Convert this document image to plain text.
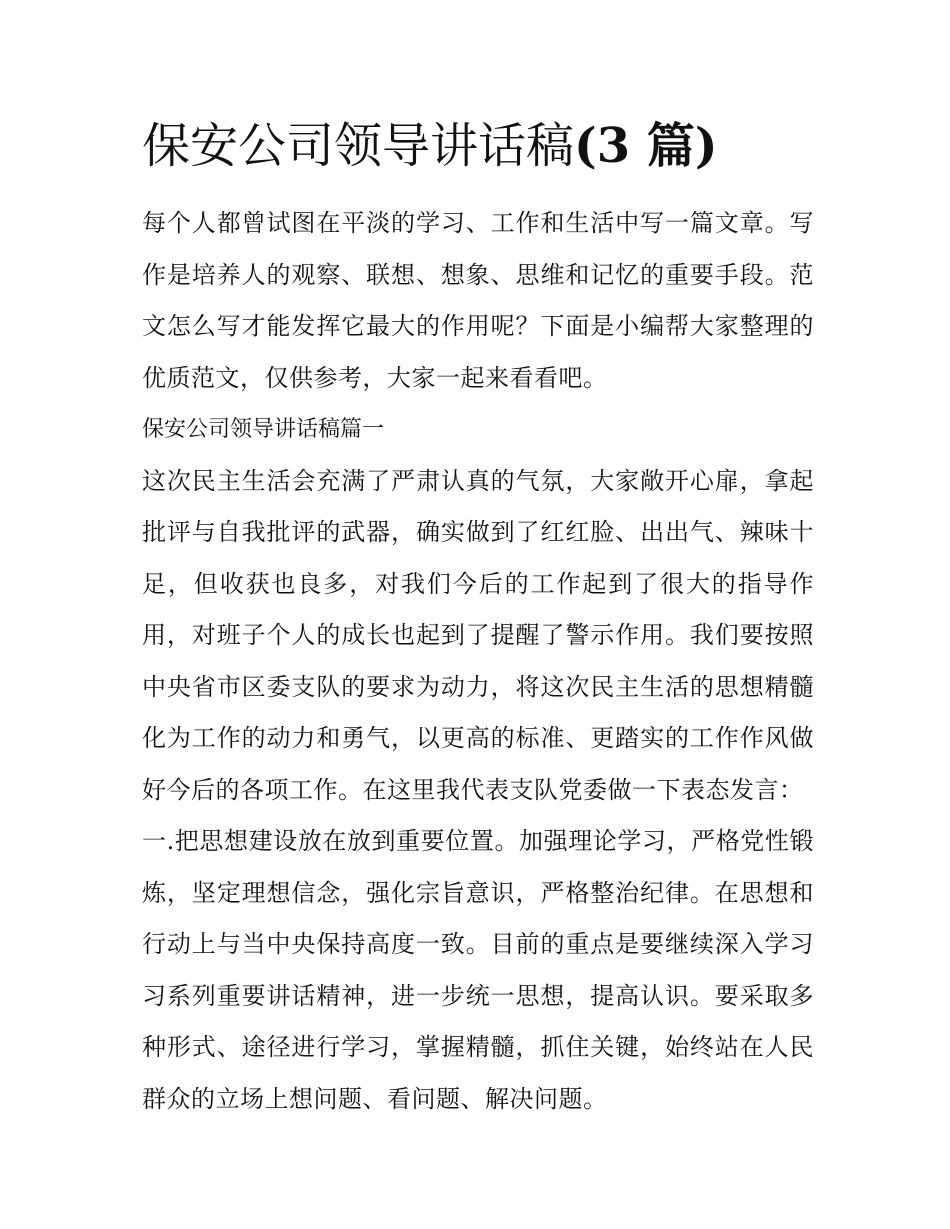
保安公司领导讲话稿(3 篇)

每个人都曾试图在平淡的学习、工作和生活中写一篇文章。写作是培养人的观察、联想、想象、思维和记忆的重要手段。范文怎么写才能发挥它最大的作用呢？下面是小编帮大家整理的优质范文，仅供参考，大家一起来看看吧。

保安公司领导讲话稿篇一

这次民主生活会充满了严肃认真的气氛，大家敞开心扉，拿起批评与自我批评的武器，确实做到了红红脸、出出气、辣味十足，但收获也良多，对我们今后的工作起到了很大的指导作用，对班子个人的成长也起到了提醒了警示作用。我们要按照中央省市区委支队的要求为动力，将这次民主生活的思想精髓化为工作的动力和勇气，以更高的标准、更踏实的工作作风做好今后的各项工作。在这里我代表支队党委做一下表态发言：

一.把思想建设放在放到重要位置。加强理论学习，严格党性锻炼，坚定理想信念，强化宗旨意识，严格整治纪律。在思想和行动上与当中央保持高度一致。目前的重点是要继续深入学习习系列重要讲话精神，进一步统一思想，提高认识。要采取多种形式、途径进行学习，掌握精髓，抓住关键，始终站在人民群众的立场上想问题、看问题、解决问题。
